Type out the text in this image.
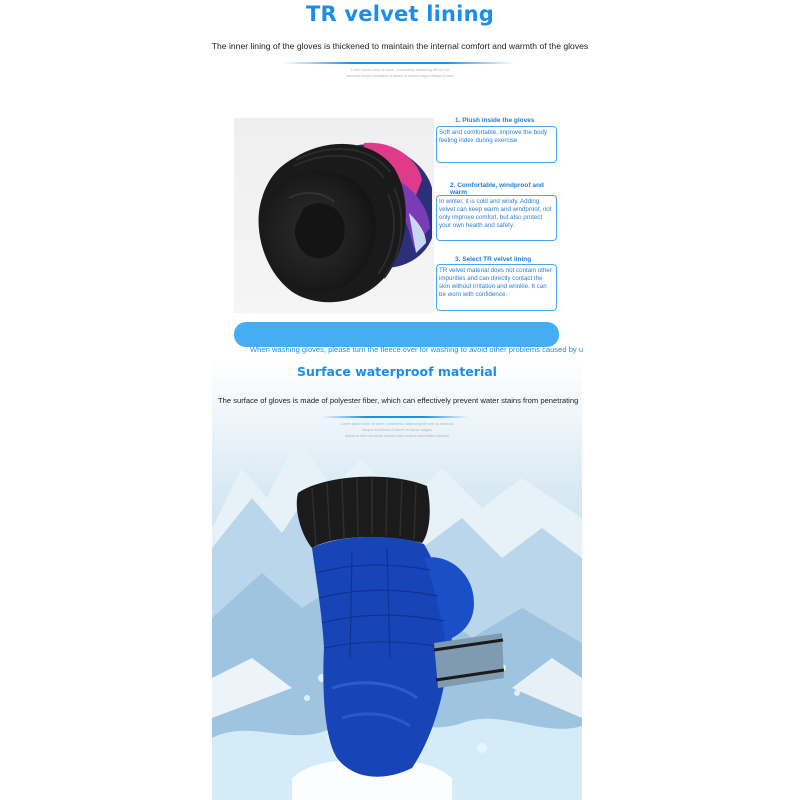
TR velvet lining
The inner lining of the gloves is thickened to maintain the internal comfort and warmth of the gloves
Lorem ipsum dolor sit amet, consectetur adipiscing elit sed do
eiusmod tempor incididunt ut labore et dolore magna aliqua ut enim
1. Plush inside the gloves
Soft and comfortable, improve the body feeling index during exercise
2. Comfortable, windproof and warm
In winter, it is cold and windy. Adding velvet can keep warm and windproof, not only improve comfort, but also protect your own health and safety.
3. Select TR velvet lining
TR velvet material does not contain other impurities and can directly contact the skin without irritation and wrinkle. It can be worn with confidence.
When washing gloves, please turn the fleece over for washing to avoid other problems caused by u
Surface waterproof material
The surface of gloves is made of polyester fiber, which can effectively prevent water stains from penetrating
Lorem ipsum dolor sit amet, consectetur adipiscing elit sed do eiusmod
tempor incididunt ut labore et dolore magna
aliqua ut enim ad minim veniam quis nostrud exercitation ullamco
